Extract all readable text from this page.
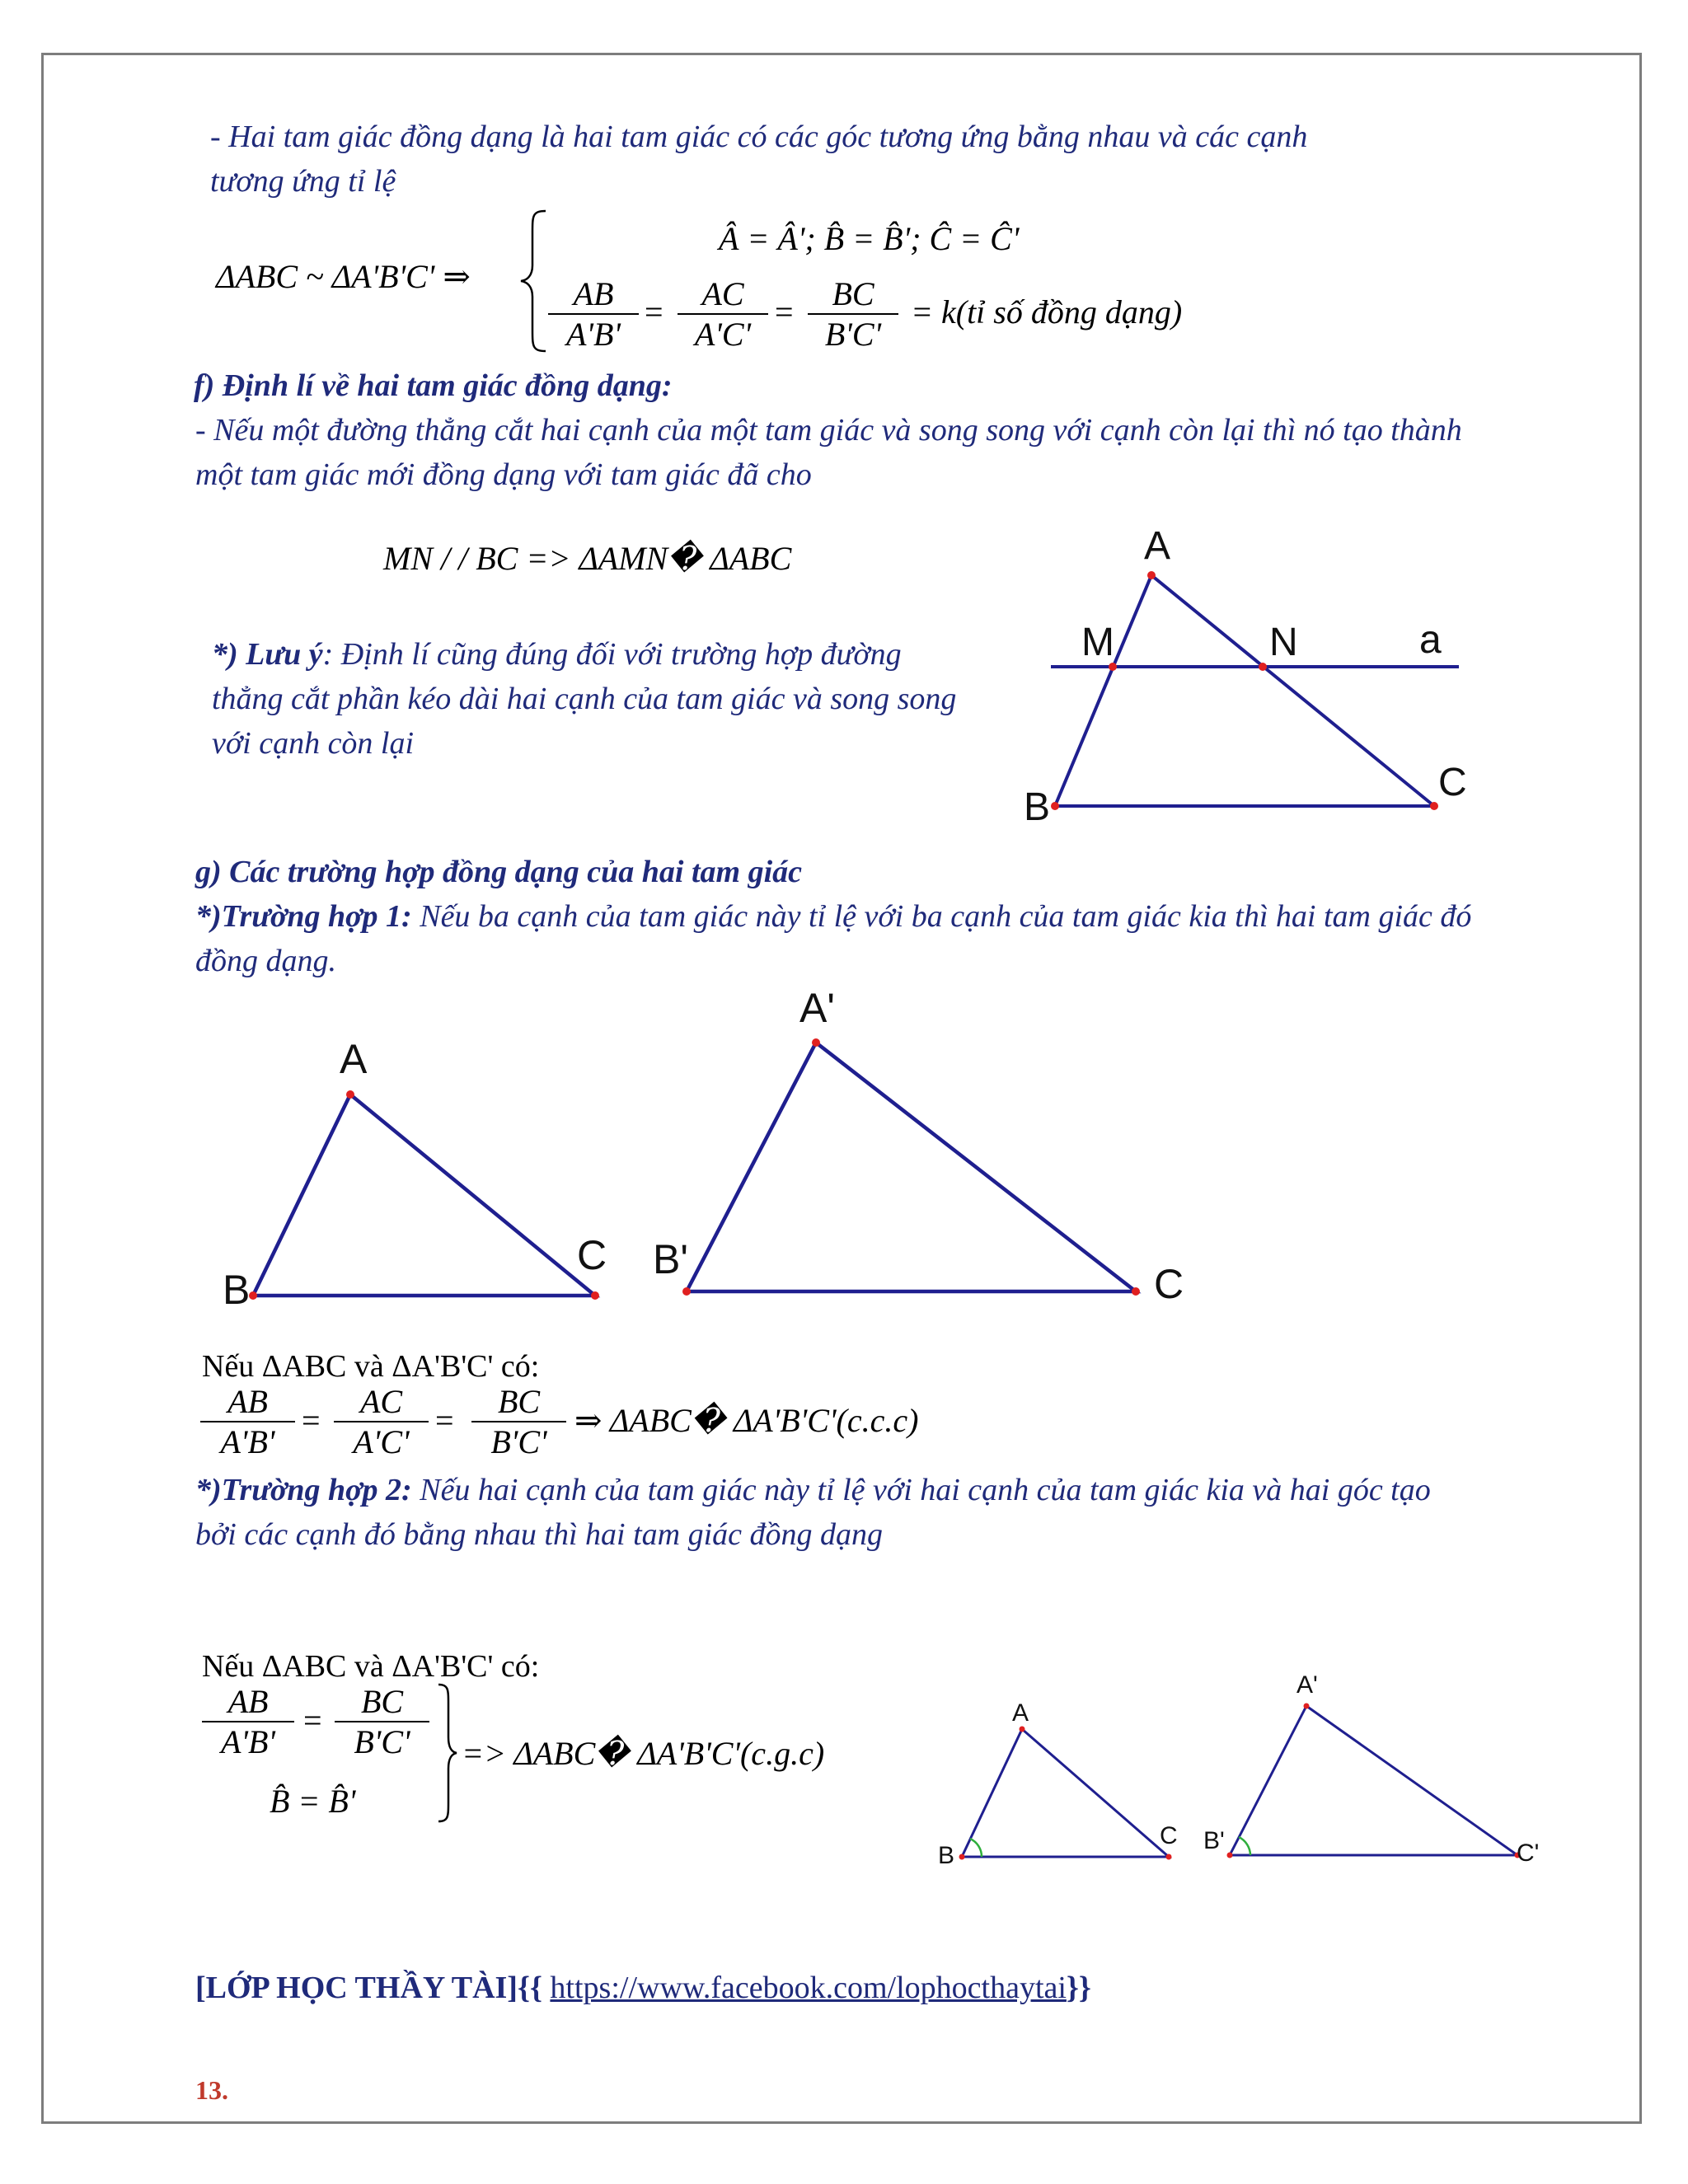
- Hai tam giác đồng dạng là hai tam giác có các góc tương ứng bằng nhau và các cạnh
tương ứng tỉ lệ
ΔABC ~ ΔA'B'C' ⇒
Â = Â'; B̂ = B̂'; Ĉ = Ĉ'
$\frac{AB}{A'B'} = \frac{AC}{A'C'} = \frac{BC}{B'C'}$ = k(tỉ số đồng dạng)
f) Định lí về hai tam giác đồng dạng:
- Nếu một đường thẳng cắt hai cạnh của một tam giác và song song với cạnh còn lại thì nó tạo thành
một tam giác mới đồng dạng với tam giác đã cho
MN / / BC => ΔAMN� ΔABC
*) Lưu ý: Định lí cũng đúng đối với trường hợp đường
thẳng cắt phần kéo dài hai cạnh của tam giác và song song
với cạnh còn lại
A
M	N	a
B
C
g) Các trường hợp đồng dạng của hai tam giác
*)Trường hợp 1: Nếu ba cạnh của tam giác này tỉ lệ với ba cạnh của tam giác kia thì hai tam giác đó
đồng dạng.
A
B
C
A'
B'
C
Nếu ΔABC và ΔA'B'C' có:
$\frac{AB}{A'B'} = \frac{AC}{A'C'} = \frac{BC}{B'C'}$ ⇒ ΔABC� ΔA'B'C'(c.c.c)
*)Trường hợp 2: Nếu hai cạnh của tam giác này tỉ lệ với hai cạnh của tam giác kia và hai góc tạo
bởi các cạnh đó bằng nhau thì hai tam giác đồng dạng
Nếu ΔABC và ΔA'B'C' có:
$\frac{AB}{A'B'} = \frac{BC}{B'C'}$
B̂ = B̂'
=> ΔABC� ΔA'B'C'(c.g.c)
A
B
C
A'
B'	C'
[LỚP HỌC THẦY TÀI]{{ https://www.facebook.com/lophocthaytai}}
13.
